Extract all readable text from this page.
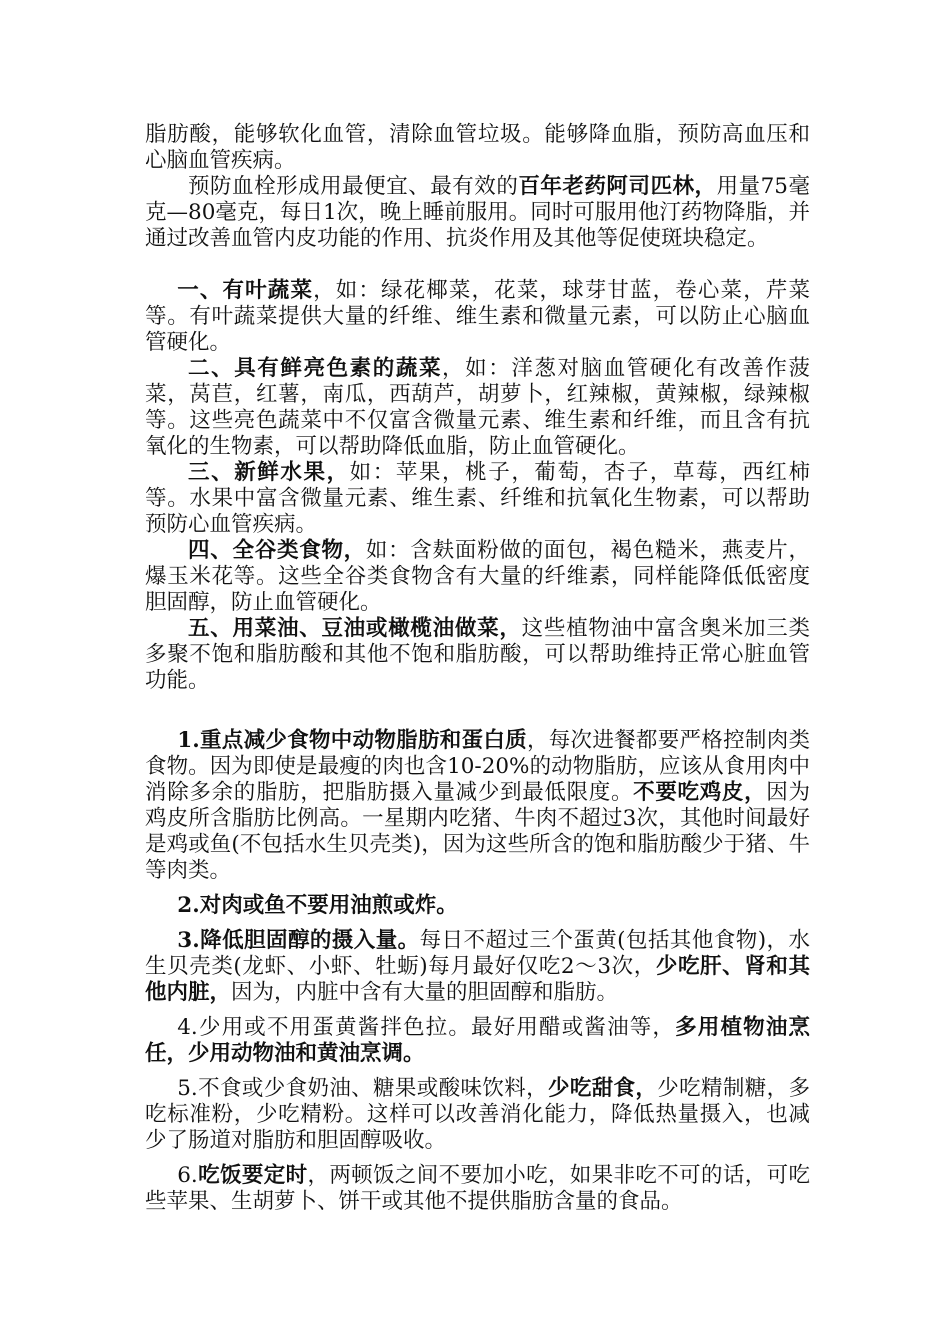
脂肪酸，能够软化血管，清除血管垃圾。能够降血脂，预防高血压和心脑血管疾病。

预防血栓形成用最便宜、最有效的百年老药阿司匹林，用量75毫克—80毫克，每日1次，晚上睡前服用。同时可服用他汀药物降脂，并通过改善血管内皮功能的作用、抗炎作用及其他等促使斑块稳定。

一、有叶蔬菜，如：绿花椰菜，花菜，球芽甘蓝，卷心菜，芹菜等。有叶蔬菜提供大量的纤维、维生素和微量元素，可以防止心脑血管硬化。

二、具有鲜亮色素的蔬菜，如：洋葱对脑血管硬化有改善作菠菜，莴苣，红薯，南瓜，西葫芦，胡萝卜，红辣椒，黄辣椒，绿辣椒等。这些亮色蔬菜中不仅富含微量元素、维生素和纤维，而且含有抗氧化的生物素，可以帮助降低血脂，防止血管硬化。

三、新鲜水果，如：苹果，桃子，葡萄，杏子，草莓，西红柿等。水果中富含微量元素、维生素、纤维和抗氧化生物素，可以帮助预防心血管疾病。

四、全谷类食物，如：含麸面粉做的面包，褐色糙米，燕麦片，爆玉米花等。这些全谷类食物含有大量的纤维素，同样能降低低密度胆固醇，防止血管硬化。

五、用菜油、豆油或橄榄油做菜，这些植物油中富含奥米加三类多聚不饱和脂肪酸和其他不饱和脂肪酸，可以帮助维持正常心脏血管功能。

1.重点减少食物中动物脂肪和蛋白质，每次进餐都要严格控制肉类食物。因为即使是最瘦的肉也含10-20%的动物脂肪，应该从食用肉中消除多余的脂肪，把脂肪摄入量减少到最低限度。不要吃鸡皮，因为鸡皮所含脂肪比例高。一星期内吃猪、牛肉不超过3次，其他时间最好是鸡或鱼(不包括水生贝壳类)，因为这些所含的饱和脂肪酸少于猪、牛等肉类。

2.对肉或鱼不要用油煎或炸。

3.降低胆固醇的摄入量。每日不超过三个蛋黄(包括其他食物)，水生贝壳类(龙虾、小虾、牡蛎)每月最好仅吃2～3次，少吃肝、肾和其他内脏，因为，内脏中含有大量的胆固醇和脂肪。

4.少用或不用蛋黄酱拌色拉。最好用醋或酱油等，多用植物油烹任，少用动物油和黄油烹调。

5.不食或少食奶油、糖果或酸味饮料，少吃甜食，少吃精制糖，多吃标准粉，少吃精粉。这样可以改善消化能力，降低热量摄入，也减少了肠道对脂肪和胆固醇吸收。

6.吃饭要定时，两顿饭之间不要加小吃，如果非吃不可的话，可吃些苹果、生胡萝卜、饼干或其他不提供脂肪含量的食品。
